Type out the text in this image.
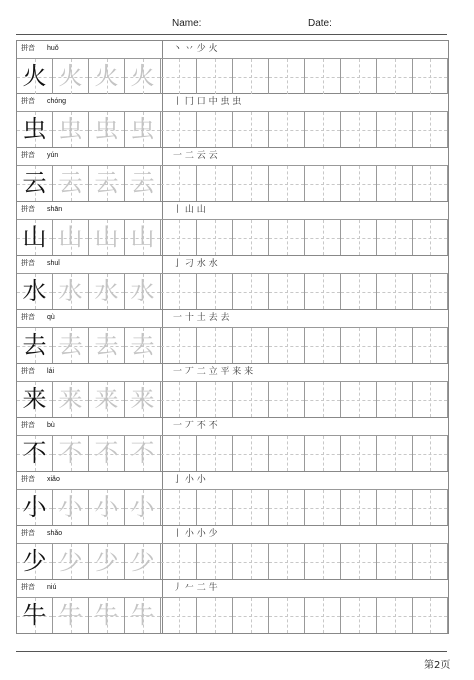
Name:	Date:
拼音 huǒ	丶 丷 少 火
火 火 火 火
拼音 chóng	丨 冂 口 中 虫 虫
虫 虫 虫 虫
拼音 yún	一 二 云 云
云 云 云 云
拼音 shān	丨 山 山
山 山 山 山
拼音 shuǐ	亅 刁 水 水
水 水 水 水
拼音 qù	一 十 土 去 去
去 去 去 去
拼音 lái	一 丆 二 立 平 来 来
来 来 来 来
拼音 bù	一 丆 不 不
不 不 不 不
拼音 xiǎo	亅 小 小
小 小 小 小
拼音 shǎo	丨 小 小 少
少 少 少 少
拼音 niú	丿 𠂉 二 牛
牛 牛 牛 牛
第2页
